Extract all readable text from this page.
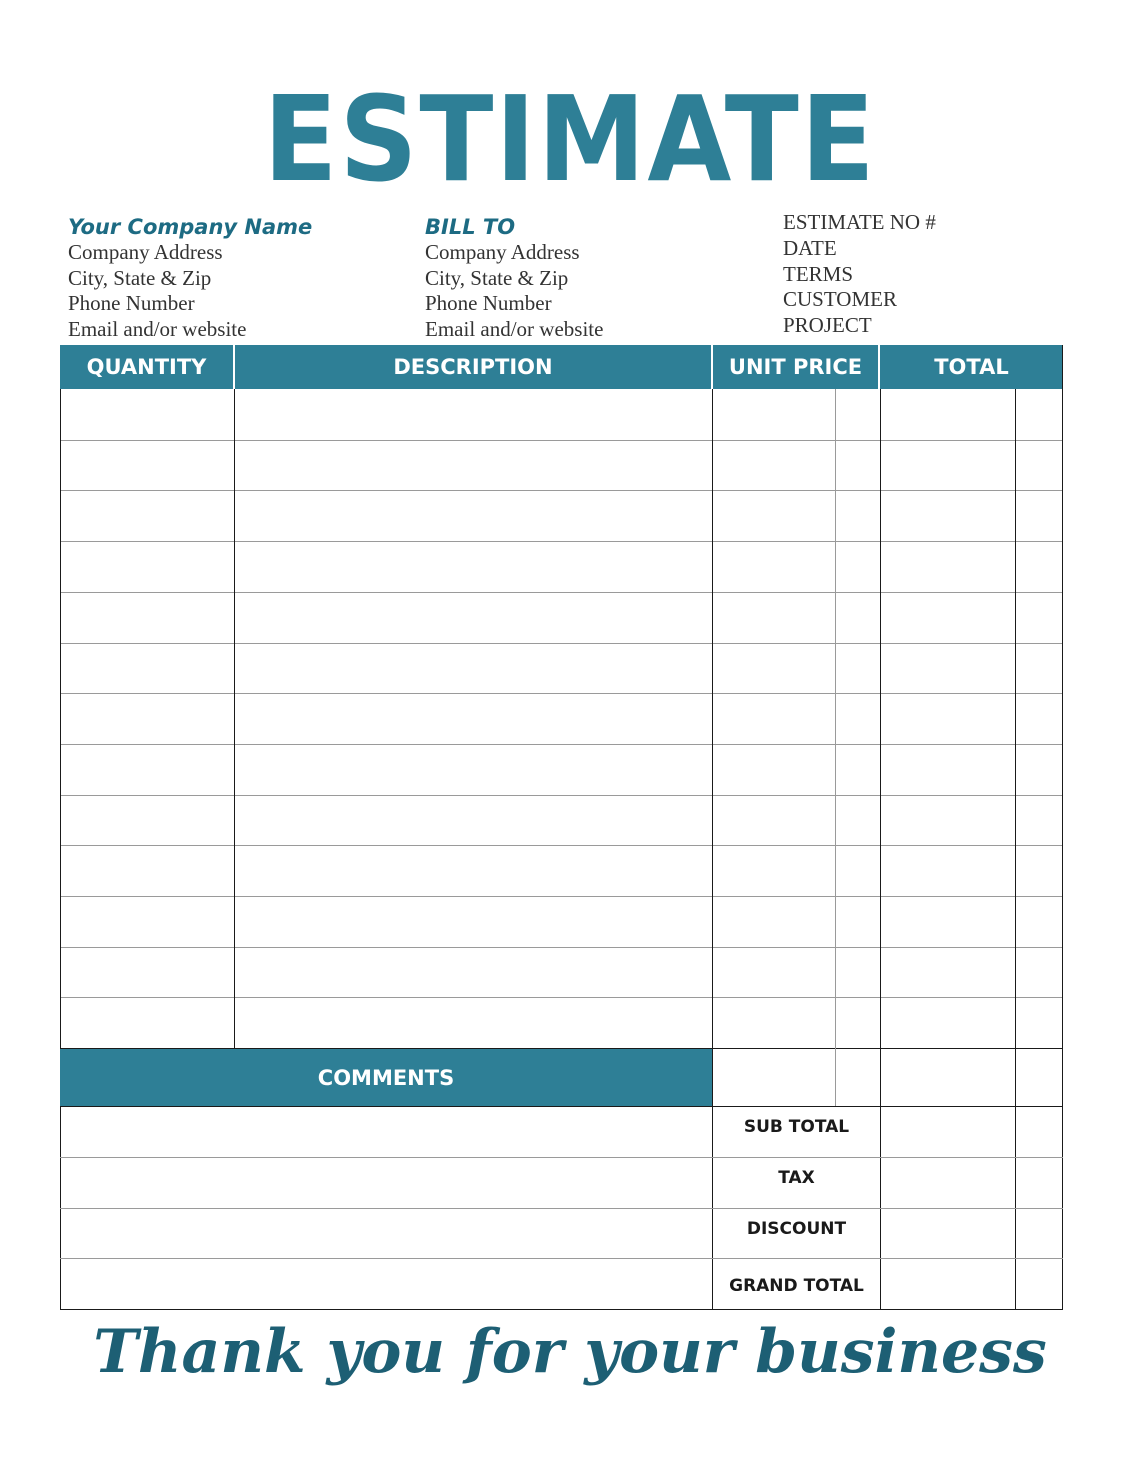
ESTIMATE
Your Company Name
Company Address
City, State & Zip
Phone Number
Email and/or website
BILL TO
Company Address
City, State & Zip
Phone Number
Email and/or website
ESTIMATE NO #
DATE
TERMS
CUSTOMER
PROJECT
QUANTITY	DESCRIPTION	UNIT PRICE	TOTAL
COMMENTS
SUB TOTAL
TAX
DISCOUNT
GRAND TOTAL
Thank you for your business
